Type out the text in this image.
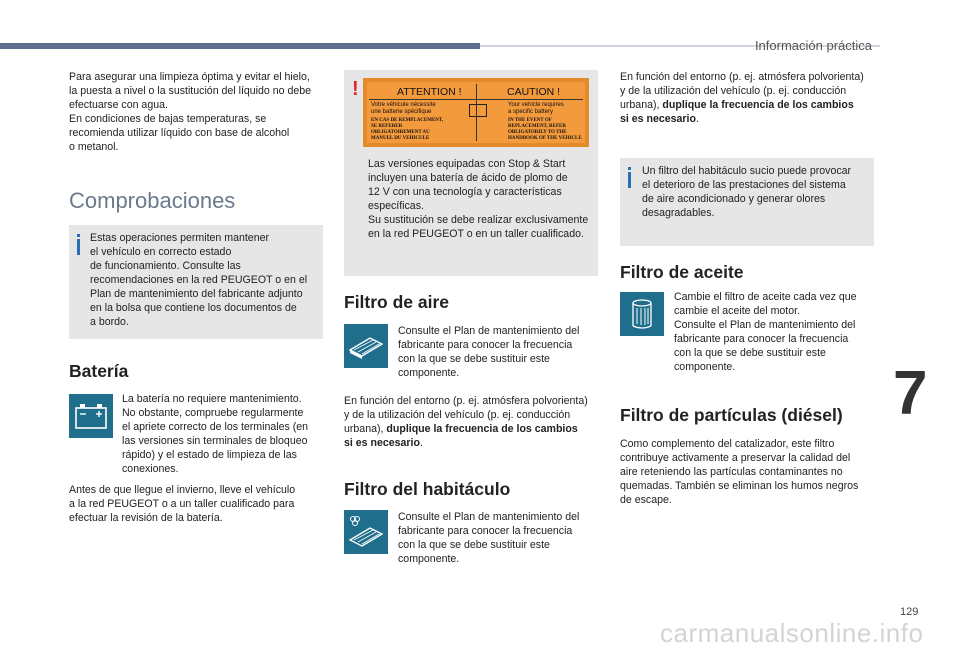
Información práctica

Para asegurar una limpieza óptima y evitar el hielo,

la puesta a nivel o la sustitución del líquido no debe

efectuarse con agua.

En condiciones de bajas temperaturas, se

recomienda utilizar líquido con base de alcohol

o metanol.

Comprobaciones

Estas operaciones permiten mantener

el vehículo en correcto estado

de funcionamiento. Consulte las

recomendaciones en la red PEUGEOT o en el

Plan de mantenimiento del fabricante adjunto

en la bolsa que contiene los documentos de

a bordo.

Batería

La batería no requiere mantenimiento.

No obstante, compruebe regularmente

el apriete correcto de los terminales (en

las versiones sin terminales de bloqueo

rápido) y el estado de limpieza de las

conexiones.

Antes de que llegue el invierno, lleve el vehículo

a la red PEUGEOT o a un taller cualificado para

efectuar la revisión de la batería.

!	ATTENTION !	CAUTION !
Votre véhicule nécessite
une batterie spécifique
Your vehicle requires
a specific battery
EN CAS DE REMPLACEMENT,
SE REFERER
OBLIGATOIREMENT AU
MANUEL DU VEHICULE
IN THE EVENT OF
REPLACEMENT, REFER
OBLIGATORILY TO THE
HANDBOOK OF THE VEHICLE

Las versiones equipadas con Stop & Start

incluyen una batería de ácido de plomo de

12 V con una tecnología y características

específicas.

Su sustitución se debe realizar exclusivamente

en la red PEUGEOT o en un taller cualificado.

Filtro de aire

Consulte el Plan de mantenimiento del

fabricante para conocer la frecuencia

con la que se debe sustituir este

componente.

En función del entorno (p. ej. atmósfera polvorienta)

y de la utilización del vehículo (p. ej. conducción

urbana), duplique la frecuencia de los cambios

si es necesario.

Filtro del habitáculo

Consulte el Plan de mantenimiento del

fabricante para conocer la frecuencia

con la que se debe sustituir este

componente.

En función del entorno (p. ej. atmósfera polvorienta)

y de la utilización del vehículo (p. ej. conducción

urbana), duplique la frecuencia de los cambios

si es necesario.

Un filtro del habitáculo sucio puede provocar

el deterioro de las prestaciones del sistema

de aire acondicionado y generar olores

desagradables.

Filtro de aceite

Cambie el filtro de aceite cada vez que

cambie el aceite del motor.

Consulte el Plan de mantenimiento del

fabricante para conocer la frecuencia

con la que se debe sustituir este

componente.

Filtro de partículas (diésel)

Como complemento del catalizador, este filtro

contribuye activamente a preservar la calidad del

aire reteniendo las partículas contaminantes no

quemadas. También se eliminan los humos negros

de escape.

7
129
carmanualsonline.info
